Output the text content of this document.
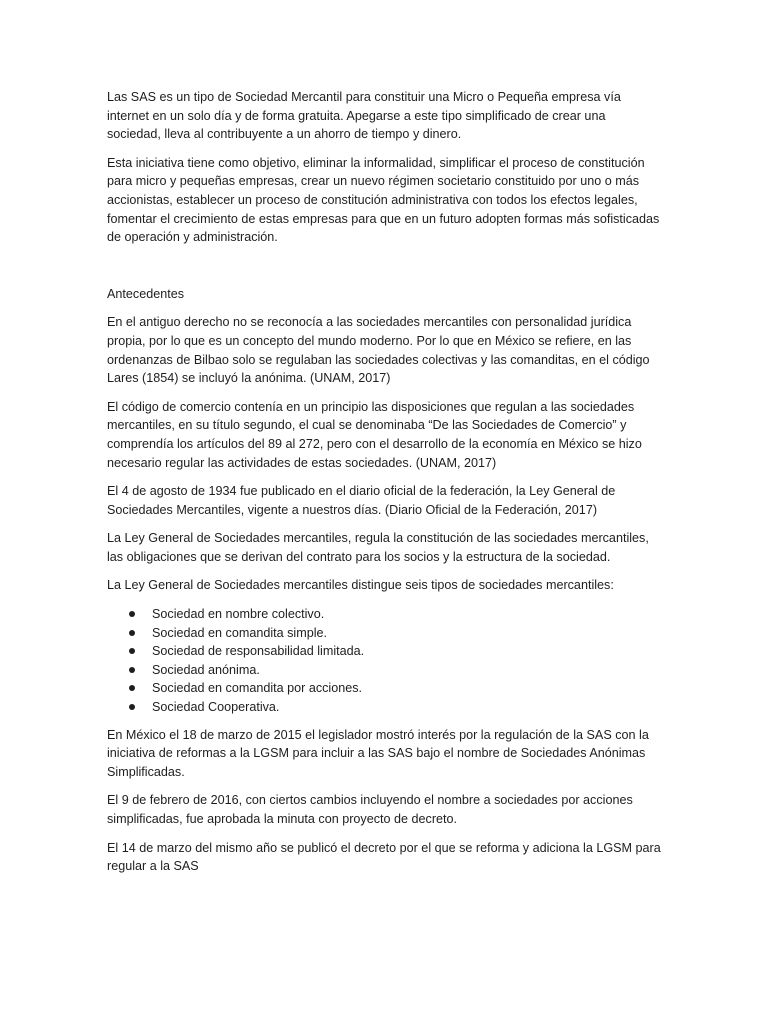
Las SAS es un tipo de Sociedad Mercantil para constituir una Micro o Pequeña empresa vía internet en un solo día y de forma gratuita. Apegarse a este tipo simplificado de crear una sociedad, lleva al contribuyente a un ahorro de tiempo y dinero.

Esta iniciativa tiene como objetivo, eliminar la informalidad, simplificar el proceso de constitución para micro y pequeñas empresas, crear un nuevo régimen societario constituido por uno o más accionistas, establecer un proceso de constitución administrativa con todos los efectos legales, fomentar el crecimiento de estas empresas para que en un futuro adopten formas más sofisticadas de operación y administración.

Antecedentes

En el antiguo derecho no se reconocía a las sociedades mercantiles con personalidad jurídica propia, por lo que es un concepto del mundo moderno. Por lo que en México se refiere, en las ordenanzas de Bilbao solo se regulaban las sociedades colectivas y las comanditas, en el código Lares (1854) se incluyó la anónima. (UNAM, 2017)

El código de comercio contenía en un principio las disposiciones que regulan a las sociedades mercantiles, en su título segundo, el cual se denominaba “De las Sociedades de Comercio” y comprendía los artículos del 89 al 272, pero con el desarrollo de la economía en México se hizo necesario regular las actividades de estas sociedades. (UNAM, 2017)

El 4 de agosto de 1934 fue publicado en el diario oficial de la federación, la Ley General de Sociedades Mercantiles, vigente a nuestros días. (Diario Oficial de la Federación, 2017)

La Ley General de Sociedades mercantiles, regula la constitución de las sociedades mercantiles, las obligaciones que se derivan del contrato para los socios y la estructura de la sociedad.

La Ley General de Sociedades mercantiles distingue seis tipos de sociedades mercantiles:

Sociedad en nombre colectivo.
Sociedad en comandita simple.
Sociedad de responsabilidad limitada.
Sociedad anónima.
Sociedad en comandita por acciones.
Sociedad Cooperativa.

En México el 18 de marzo de 2015 el legislador mostró interés por la regulación de la SAS con la iniciativa de reformas a la LGSM para incluir a las SAS bajo el nombre de Sociedades Anónimas Simplificadas.

El 9 de febrero de 2016, con ciertos cambios incluyendo el nombre a sociedades por acciones simplificadas, fue aprobada la minuta con proyecto de decreto.

El 14 de marzo del mismo año se publicó el decreto por el que se reforma y adiciona la LGSM para regular a la SAS
